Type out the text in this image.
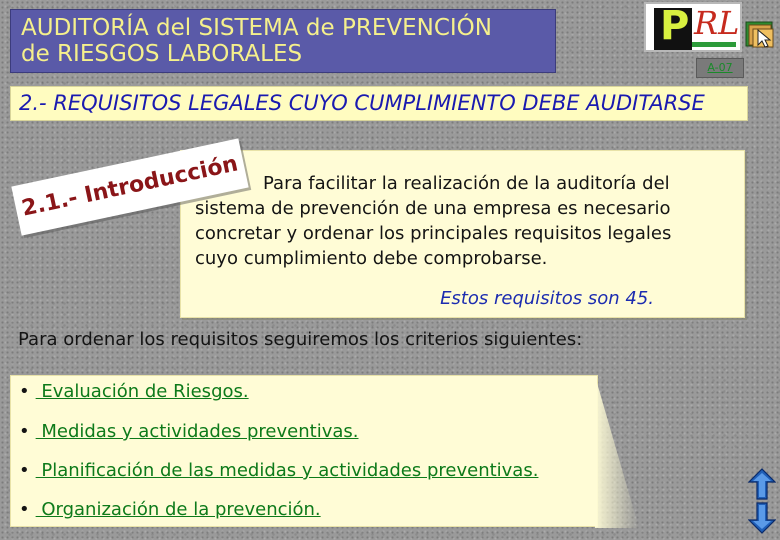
AUDITORÍA del SISTEMA de PREVENCIÓN
de RIESGOS LABORALES
P RL
A-07
2.- REQUISITOS LEGALES CUYO CUMPLIMIENTO DEBE AUDITARSE
Para facilitar la realización de la auditoría del
sistema de prevención de una empresa es necesario
concretar y ordenar los principales requisitos legales
cuyo cumplimiento debe comprobarse.
Estos requisitos son 45.
2.1.- Introducción
Para ordenar los requisitos seguiremos los criterios siguientes:
• Evaluación de Riesgos.
• Medidas y actividades preventivas.
• Planificación de las medidas y actividades preventivas.
• Organización de la prevención.
